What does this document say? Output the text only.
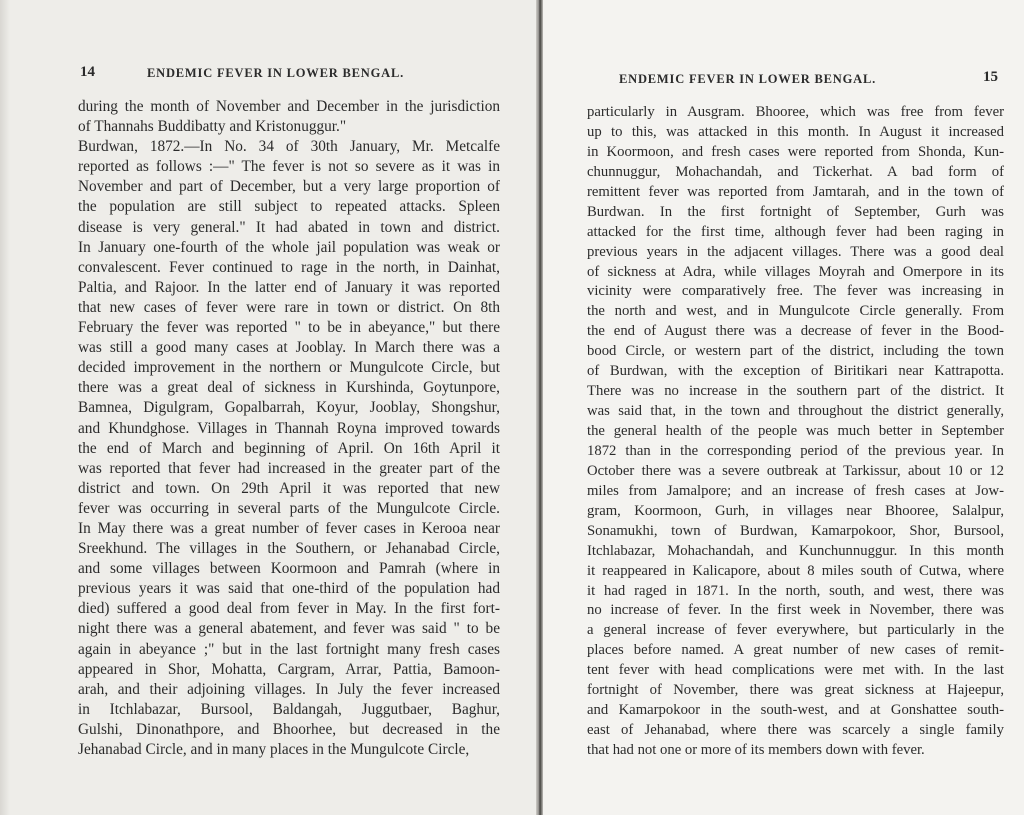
14	ENDEMIC FEVER IN LOWER BENGAL.
during the month of November and December in the jurisdiction
of Thannahs Buddibatty and Kristonuggur."
Burdwan, 1872.—In No. 34 of 30th January, Mr. Metcalfe
reported as follows :—" The fever is not so severe as it was in
November and part of December, but a very large proportion of
the population are still subject to repeated attacks. Spleen
disease is very general." It had abated in town and district.
In January one-fourth of the whole jail population was weak or
convalescent. Fever continued to rage in the north, in Dainhat,
Paltia, and Rajoor. In the latter end of January it was reported
that new cases of fever were rare in town or district. On 8th
February the fever was reported " to be in abeyance," but there
was still a good many cases at Jooblay. In March there was a
decided improvement in the northern or Mungulcote Circle, but
there was a great deal of sickness in Kurshinda, Goytunpore,
Bamnea, Digulgram, Gopalbarrah, Koyur, Jooblay, Shongshur,
and Khundghose. Villages in Thannah Royna improved towards
the end of March and beginning of April. On 16th April it
was reported that fever had increased in the greater part of the
district and town. On 29th April it was reported that new
fever was occurring in several parts of the Mungulcote Circle.
In May there was a great number of fever cases in Kerooa near
Sreekhund. The villages in the Southern, or Jehanabad Circle,
and some villages between Koormoon and Pamrah (where in
previous years it was said that one-third of the population had
died) suffered a good deal from fever in May. In the first fort-
night there was a general abatement, and fever was said " to be
again in abeyance ;" but in the last fortnight many fresh cases
appeared in Shor, Mohatta, Cargram, Arrar, Pattia, Bamoon-
arah, and their adjoining villages. In July the fever increased
in Itchlabazar, Bursool, Baldangah, Juggutbaer, Baghur,
Gulshi, Dinonathpore, and Bhoorhee, but decreased in the
Jehanabad Circle, and in many places in the Mungulcote Circle,
ENDEMIC FEVER IN LOWER BENGAL.	15
particularly in Ausgram. Bhooree, which was free from fever
up to this, was attacked in this month. In August it increased
in Koormoon, and fresh cases were reported from Shonda, Kun-
chunnuggur, Mohachandah, and Tickerhat. A bad form of
remittent fever was reported from Jamtarah, and in the town of
Burdwan. In the first fortnight of September, Gurh was
attacked for the first time, although fever had been raging in
previous years in the adjacent villages. There was a good deal
of sickness at Adra, while villages Moyrah and Omerpore in its
vicinity were comparatively free. The fever was increasing in
the north and west, and in Mungulcote Circle generally. From
the end of August there was a decrease of fever in the Bood-
bood Circle, or western part of the district, including the town
of Burdwan, with the exception of Biritikari near Kattrapotta.
There was no increase in the southern part of the district. It
was said that, in the town and throughout the district generally,
the general health of the people was much better in September
1872 than in the corresponding period of the previous year. In
October there was a severe outbreak at Tarkissur, about 10 or 12
miles from Jamalpore; and an increase of fresh cases at Jow-
gram, Koormoon, Gurh, in villages near Bhooree, Salalpur,
Sonamukhi, town of Burdwan, Kamarpokoor, Shor, Bursool,
Itchlabazar, Mohachandah, and Kunchunnuggur. In this month
it reappeared in Kalicapore, about 8 miles south of Cutwa, where
it had raged in 1871. In the north, south, and west, there was
no increase of fever. In the first week in November, there was
a general increase of fever everywhere, but particularly in the
places before named. A great number of new cases of remit-
tent fever with head complications were met with. In the last
fortnight of November, there was great sickness at Hajeepur,
and Kamarpokoor in the south-west, and at Gonshattee south-
east of Jehanabad, where there was scarcely a single family
that had not one or more of its members down with fever.
